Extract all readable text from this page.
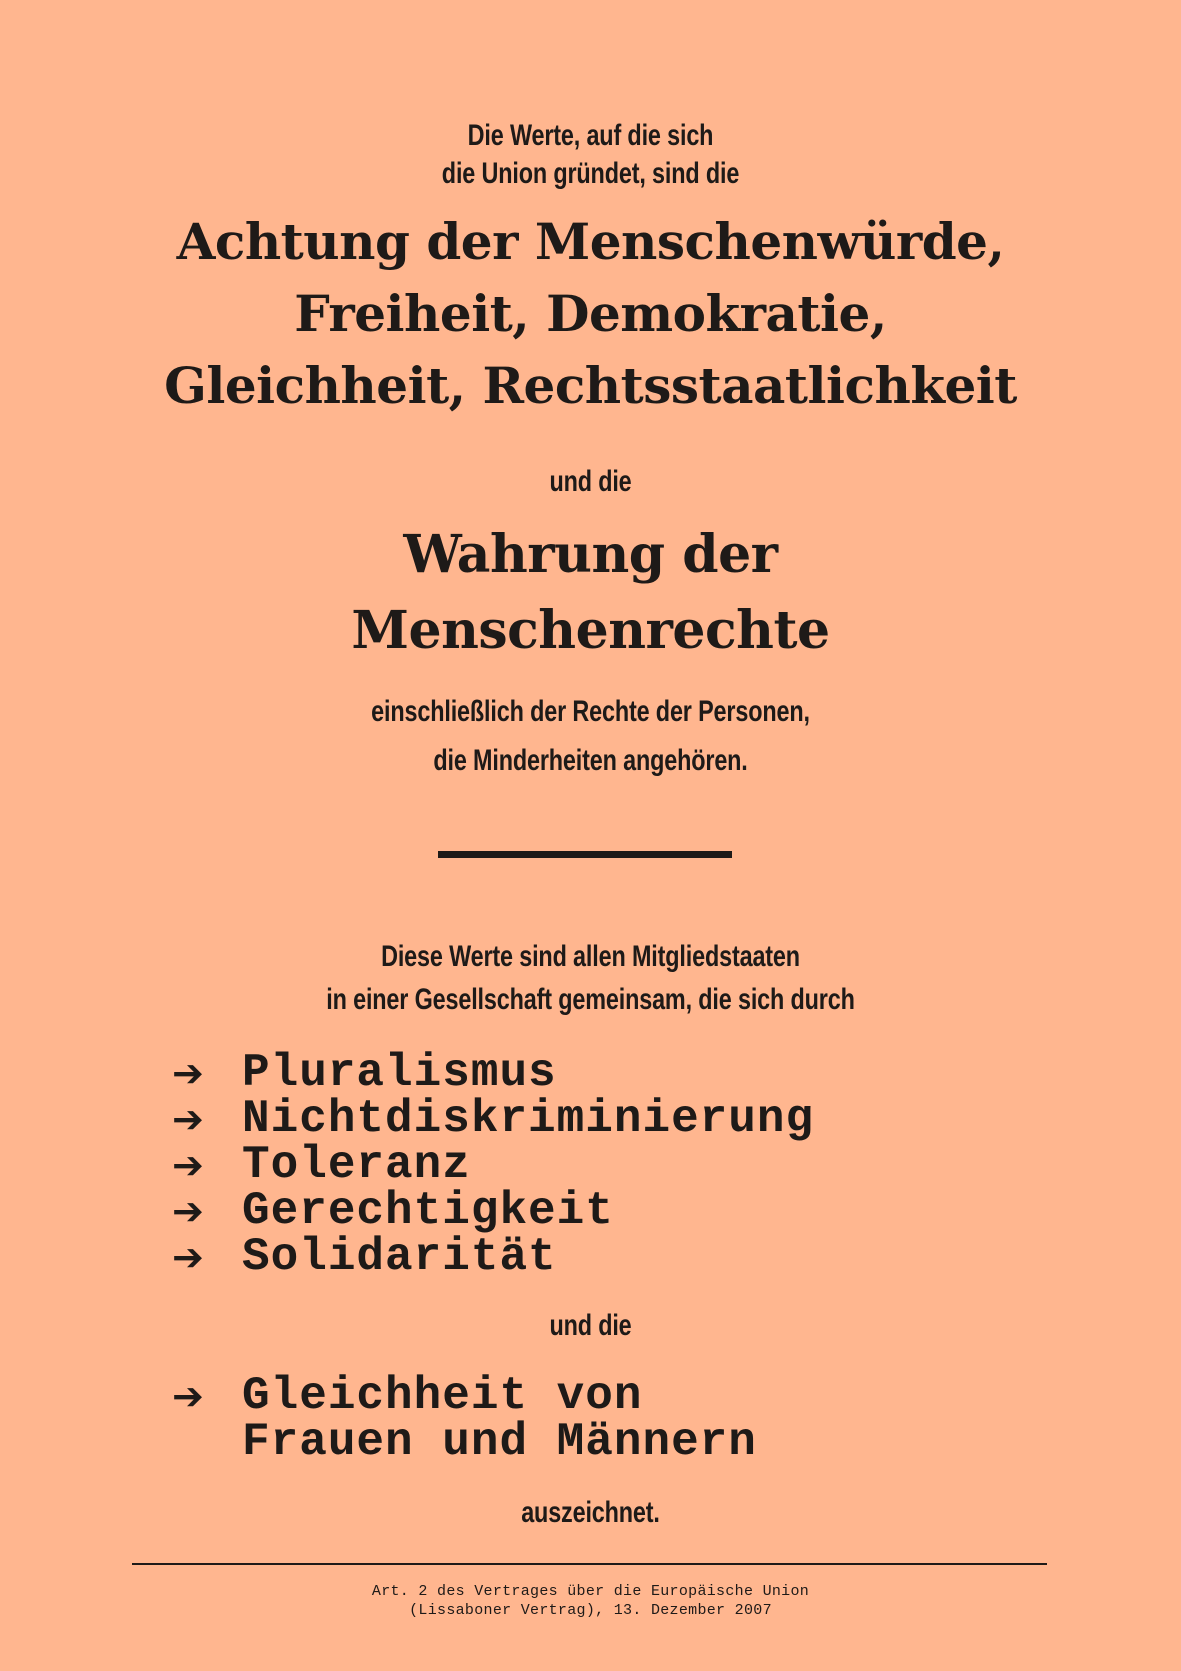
Die Werte, auf die sich
die Union gründet, sind die
Achtung der Menschenwürde,
Freiheit, Demokratie,
Gleichheit, Rechtsstaatlichkeit
und die
Wahrung der
Menschenrechte
einschließlich der Rechte der Personen,
die Minderheiten angehören.
Diese Werte sind allen Mitgliedstaaten
in einer Gesellschaft gemeinsam, die sich durch
➔ Pluralismus
➔ Nichtdiskriminierung
➔ Toleranz
➔ Gerechtigkeit
➔ Solidarität
und die
➔ Gleichheit von
Frauen und Männern
auszeichnet.
Art. 2 des Vertrages über die Europäische Union
(Lissaboner Vertrag), 13. Dezember 2007
